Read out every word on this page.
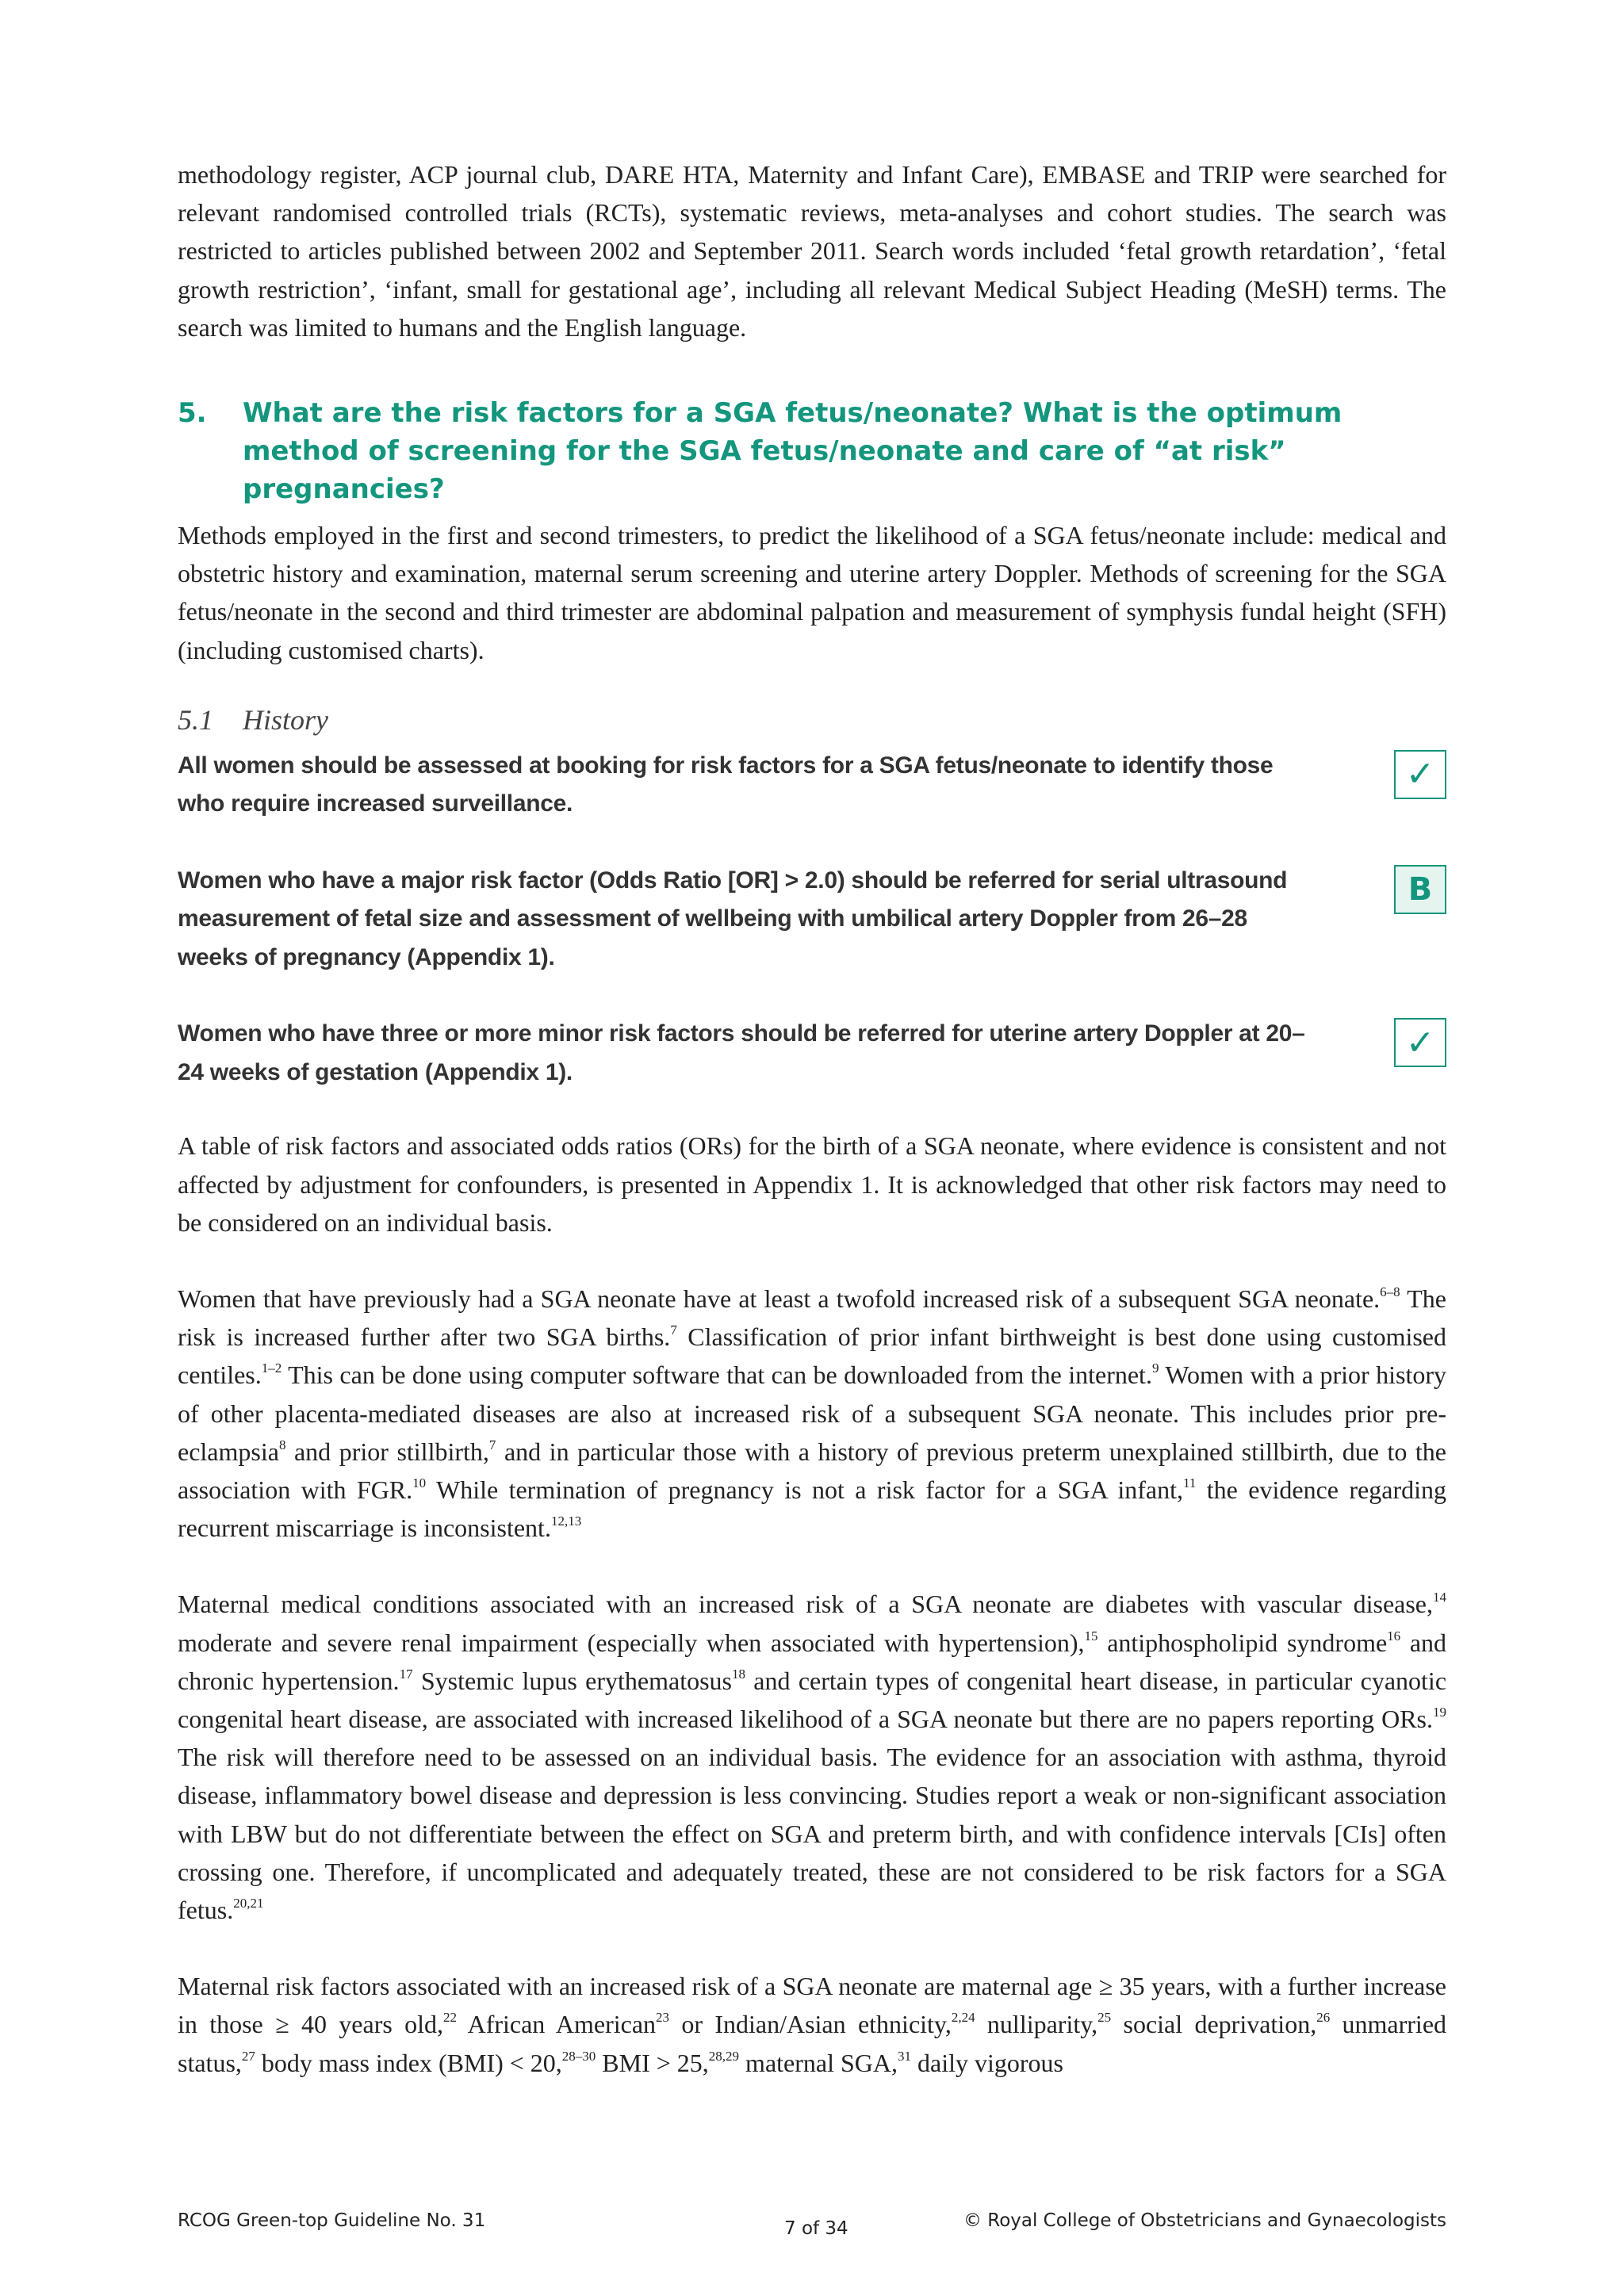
methodology register, ACP journal club, DARE HTA, Maternity and Infant Care), EMBASE and TRIP were searched for relevant randomised controlled trials (RCTs), systematic reviews, meta-analyses and cohort studies. The search was restricted to articles published between 2002 and September 2011. Search words included ‘fetal growth retardation’, ‘fetal growth restriction’, ‘infant, small for gestational age’, including all relevant Medical Subject Heading (MeSH) terms. The search was limited to humans and the English language.

5.	What are the risk factors for a SGA fetus/neonate? What is the optimum method of screening for the SGA fetus/neonate and care of “at risk” pregnancies?

Methods employed in the first and second trimesters, to predict the likelihood of a SGA fetus/neonate include: medical and obstetric history and examination, maternal serum screening and uterine artery Doppler. Methods of screening for the SGA fetus/neonate in the second and third trimester are abdominal palpation and measurement of symphysis fundal height (SFH) (including customised charts).

5.1 History

All women should be assessed at booking for risk factors for a SGA fetus/neonate to identify those who require increased surveillance.

✓

Women who have a major risk factor (Odds Ratio [OR] > 2.0) should be referred for serial ultrasound measurement of fetal size and assessment of wellbeing with umbilical artery Doppler from 26–28 weeks of pregnancy (Appendix 1).

B

Women who have three or more minor risk factors should be referred for uterine artery Doppler at 20–24 weeks of gestation (Appendix 1).

✓

A table of risk factors and associated odds ratios (ORs) for the birth of a SGA neonate, where evidence is consistent and not affected by adjustment for confounders, is presented in Appendix 1. It is acknowledged that other risk factors may need to be considered on an individual basis.

Women that have previously had a SGA neonate have at least a twofold increased risk of a subsequent SGA neonate.$^{6-8}$ The risk is increased further after two SGA births.$^7$ Classification of prior infant birthweight is best done using customised centiles.$^{1-2}$ This can be done using computer software that can be downloaded from the internet.$^9$ Women with a prior history of other placenta-mediated diseases are also at increased risk of a subsequent SGA neonate. This includes prior pre-eclampsia$^8$ and prior stillbirth,$^7$ and in particular those with a history of previous preterm unexplained stillbirth, due to the association with FGR.$^{10}$ While termination of pregnancy is not a risk factor for a SGA infant,$^{11}$ the evidence regarding recurrent miscarriage is inconsistent.$^{12,13}$

Maternal medical conditions associated with an increased risk of a SGA neonate are diabetes with vascular disease,$^{14}$ moderate and severe renal impairment (especially when associated with hypertension),$^{15}$ antiphospholipid syndrome$^{16}$ and chronic hypertension.$^{17}$ Systemic lupus erythematosus$^{18}$ and certain types of congenital heart disease, in particular cyanotic congenital heart disease, are associated with increased likelihood of a SGA neonate but there are no papers reporting ORs.$^{19}$ The risk will therefore need to be assessed on an individual basis. The evidence for an association with asthma, thyroid disease, inflammatory bowel disease and depression is less convincing. Studies report a weak or non-significant association with LBW but do not differentiate between the effect on SGA and preterm birth, and with confidence intervals [CIs] often crossing one. Therefore, if uncomplicated and adequately treated, these are not considered to be risk factors for a SGA fetus.$^{20,21}$

Maternal risk factors associated with an increased risk of a SGA neonate are maternal age ≥ 35 years, with a further increase in those ≥ 40 years old,$^{22}$ African American$^{23}$ or Indian/Asian ethnicity,$^{2,24}$ nulliparity,$^{25}$ social deprivation,$^{26}$ unmarried status,$^{27}$ body mass index (BMI) < 20,$^{28-30}$ BMI > 25,$^{28,29}$ maternal SGA,$^{31}$ daily vigorous

RCOG Green-top Guideline No. 31	7 of 34	© Royal College of Obstetricians and Gynaecologists
